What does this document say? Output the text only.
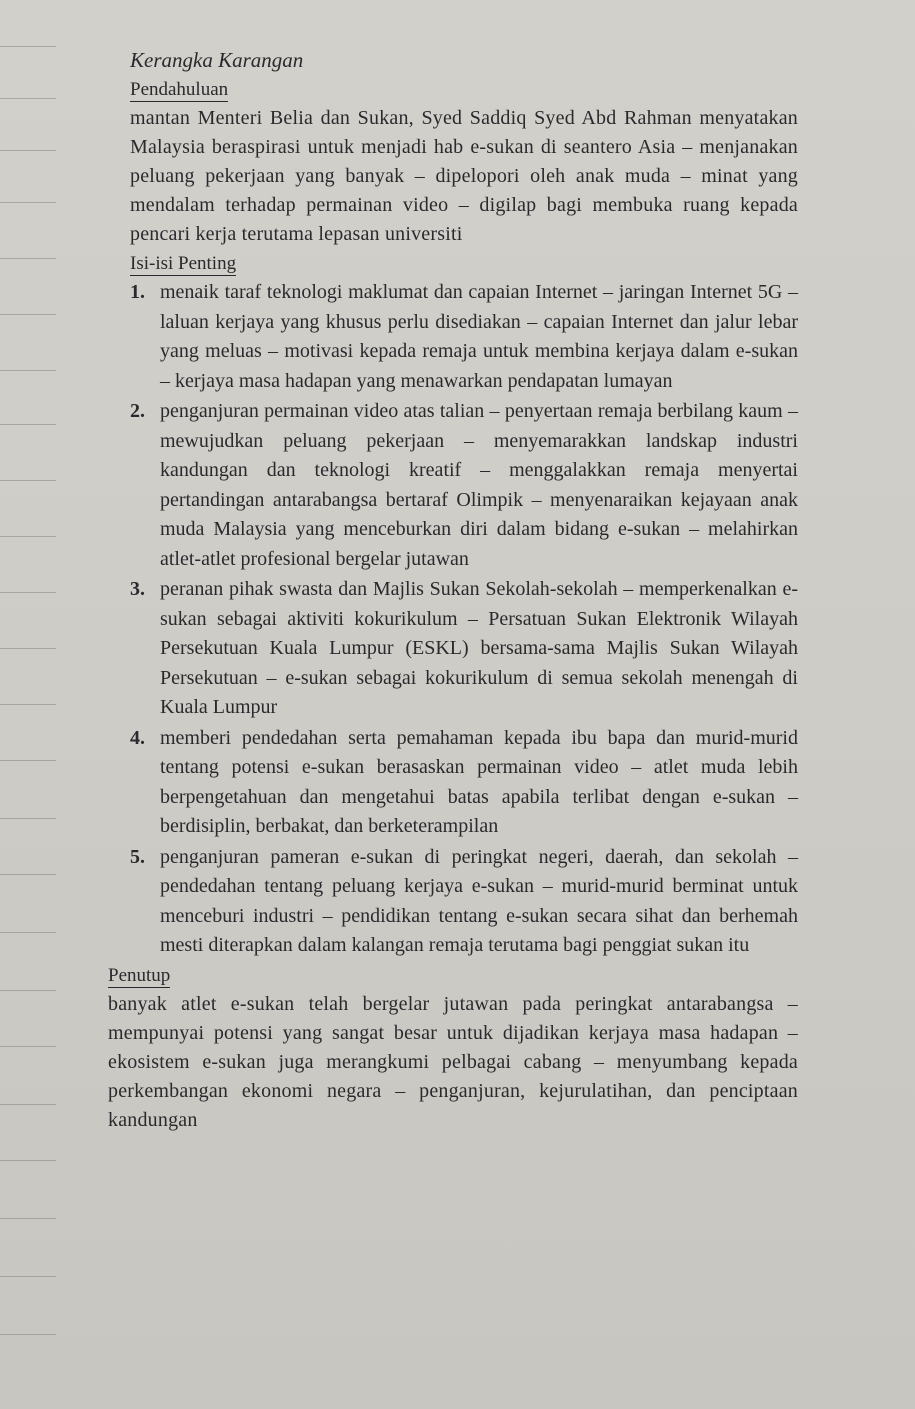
Kerangka Karangan
Pendahuluan

mantan Menteri Belia dan Sukan, Syed Saddiq Syed Abd Rahman menyatakan Malaysia beraspirasi untuk menjadi hab e-sukan di seantero Asia – menjanakan peluang pekerjaan yang banyak – dipelopori oleh anak muda – minat yang mendalam terhadap permainan video – digilap bagi membuka ruang kepada pencari kerja terutama lepasan universiti

Isi-isi Penting
1. menaik taraf teknologi maklumat dan capaian Internet – jaringan Internet 5G – laluan kerjaya yang khusus perlu disediakan – capaian Internet dan jalur lebar yang meluas – motivasi kepada remaja untuk membina kerjaya dalam e-sukan – kerjaya masa hadapan yang menawarkan pendapatan lumayan
2. penganjuran permainan video atas talian – penyertaan remaja berbilang kaum – mewujudkan peluang pekerjaan – menyemarakkan landskap industri kandungan dan teknologi kreatif – menggalakkan remaja menyertai pertandingan antarabangsa bertaraf Olimpik – menyenaraikan kejayaan anak muda Malaysia yang menceburkan diri dalam bidang e-sukan – melahirkan atlet-atlet profesional bergelar jutawan
3. peranan pihak swasta dan Majlis Sukan Sekolah-sekolah – memperkenalkan e-sukan sebagai aktiviti kokurikulum – Persatuan Sukan Elektronik Wilayah Persekutuan Kuala Lumpur (ESKL) bersama-sama Majlis Sukan Wilayah Persekutuan – e-sukan sebagai kokurikulum di semua sekolah menengah di Kuala Lumpur
4. memberi pendedahan serta pemahaman kepada ibu bapa dan murid-murid tentang potensi e-sukan berasaskan permainan video – atlet muda lebih berpengetahuan dan mengetahui batas apabila terlibat dengan e-sukan – berdisiplin, berbakat, dan berketerampilan
5. penganjuran pameran e-sukan di peringkat negeri, daerah, dan sekolah – pendedahan tentang peluang kerjaya e-sukan – murid-murid berminat untuk menceburi industri – pendidikan tentang e-sukan secara sihat dan berhemah mesti diterapkan dalam kalangan remaja terutama bagi penggiat sukan itu
Penutup

banyak atlet e-sukan telah bergelar jutawan pada peringkat antarabangsa – mempunyai potensi yang sangat besar untuk dijadikan kerjaya masa hadapan – ekosistem e-sukan juga merangkumi pelbagai cabang – menyumbang kepada perkembangan ekonomi negara – penganjuran, kejurulatihan, dan penciptaan kandungan
